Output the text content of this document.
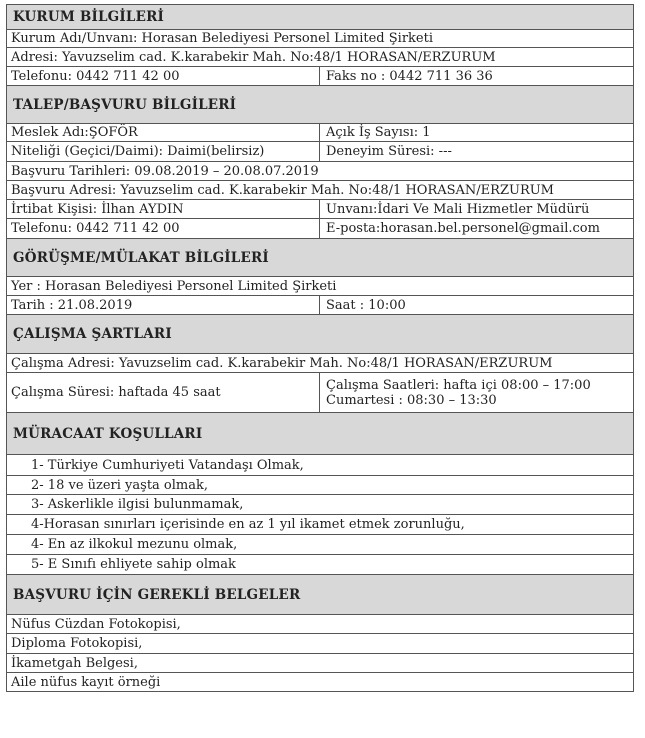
KURUM BİLGİLERİ
Kurum Adı/Unvanı: Horasan Belediyesi Personel Limited Şirketi
Adresi: Yavuzselim cad. K.karabekir Mah. No:48/1 HORASAN/ERZURUM
Telefonu: 0442 711 42 00	Faks no : 0442 711 36 36
TALEP/BAŞVURU BİLGİLERİ
Meslek Adı:ŞOFÖR	Açık İş Sayısı: 1
Niteliği (Geçici/Daimi): Daimi(belirsiz)	Deneyim Süresi: ---
Başvuru Tarihleri: 09.08.2019 – 20.08.07.2019
Başvuru Adresi: Yavuzselim cad. K.karabekir Mah. No:48/1 HORASAN/ERZURUM
İrtibat Kişisi: İlhan AYDIN	Unvanı:İdari Ve Mali Hizmetler Müdürü
Telefonu: 0442 711 42 00	E-posta:horasan.bel.personel@gmail.com
GÖRÜŞME/MÜLAKAT BİLGİLERİ
Yer : Horasan Belediyesi Personel Limited Şirketi
Tarih : 21.08.2019	Saat : 10:00
ÇALIŞMA ŞARTLARI
Çalışma Adresi: Yavuzselim cad. K.karabekir Mah. No:48/1 HORASAN/ERZURUM
Çalışma Süresi: haftada 45 saat	Çalışma Saatleri: hafta içi 08:00 – 17:00
Cumartesi : 08:30 – 13:30
MÜRACAAT KOŞULLARI
1- Türkiye Cumhuriyeti Vatandaşı Olmak,
2- 18 ve üzeri yaşta olmak,
3- Askerlikle ilgisi bulunmamak,
4-Horasan sınırları içerisinde en az 1 yıl ikamet etmek zorunluğu,
4- En az ilkokul mezunu olmak,
5- E Sınıfı ehliyete sahip olmak
BAŞVURU İÇİN GEREKLİ BELGELER
Nüfus Cüzdan Fotokopisi,
Diploma Fotokopisi,
İkametgah Belgesi,
Aile nüfus kayıt örneği
